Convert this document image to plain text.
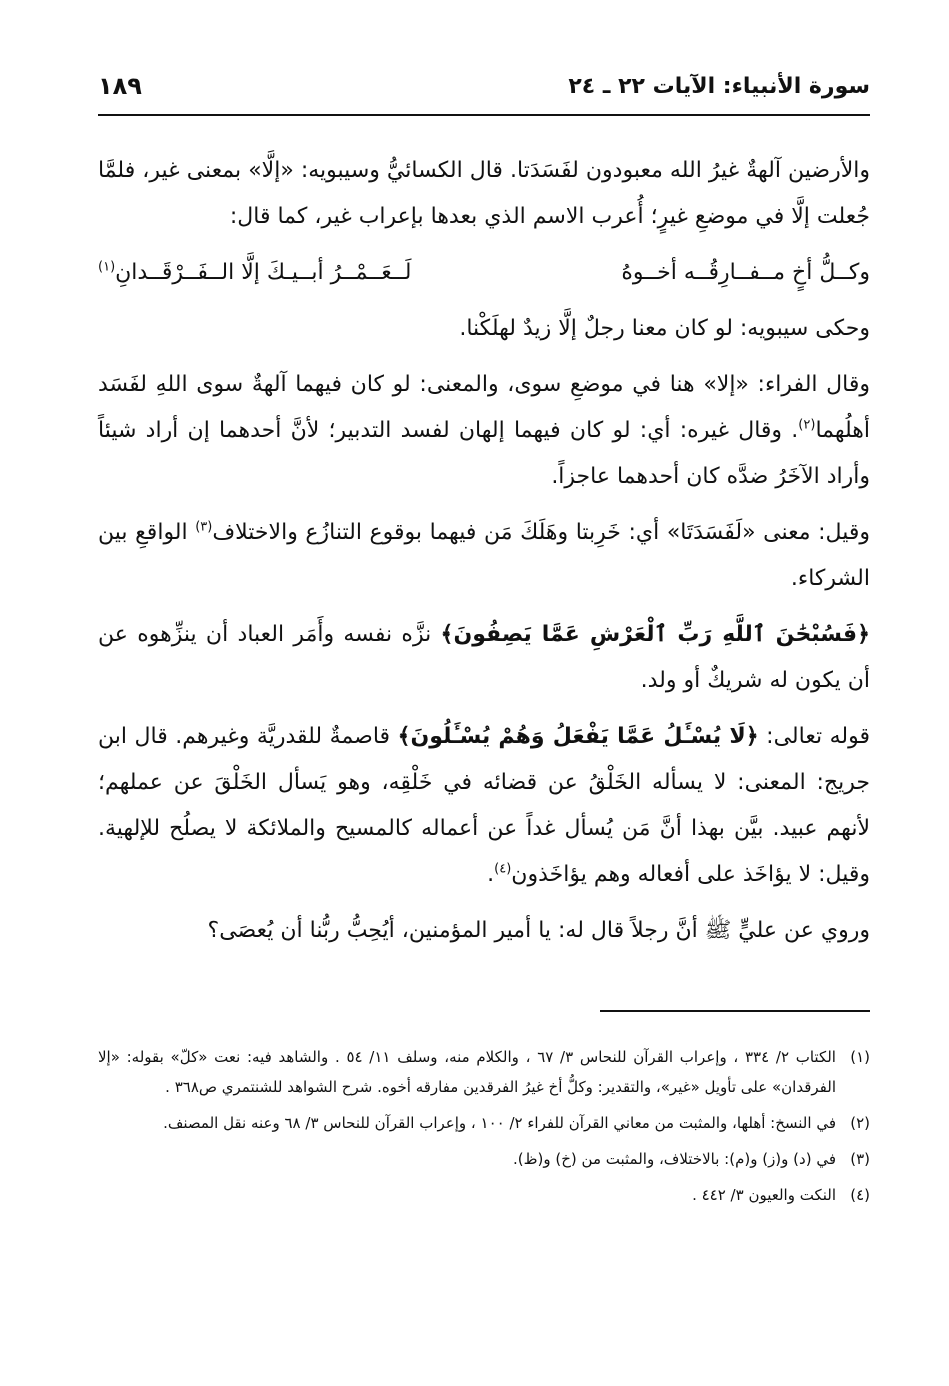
سورة الأنبياء: الآيات ٢٢ ـ ٢٤
١٨٩

والأرضين آلهةٌ غيرُ الله معبودون لفَسَدَتا. قال الكسائيُّ وسيبويه: «إلَّا» بمعنى غير، فلمَّا جُعلت إلَّا في موضعِ غيرٍ؛ أُعرب الاسم الذي بعدها بإعراب غير، كما قال:

وكــلُّ أخٍ مــفــارِقُــه أخــوهُ
لَــعَــمْــرُ أبــيـكَ إلَّا الــفَــرْقَــدانِ$^{(١)}$

وحكى سيبويه: لو كان معنا رجلٌ إلَّا زيدٌ لهلَكْنا.

وقال الفراء: «إلا» هنا في موضعِ سوى، والمعنى: لو كان فيهما آلهةٌ سوى اللهِ لفَسَد أهلُهما$^{(٢)}$. وقال غيره: أي: لو كان فيهما إلهان لفسد التدبير؛ لأنَّ أحدهما إن أراد شيئاً وأراد الآخَرُ ضدَّه كان أحدهما عاجزاً.

وقيل: معنى «لَفَسَدَتَا» أي: خَرِبتا وهَلَكَ مَن فيهما بوقوع التنازُع والاختلاف$^{(٣)}$ الواقعِ بين الشركاء.

﴿فَسُبْحَٰنَ ٱللَّهِ رَبِّ ٱلْعَرْشِ عَمَّا يَصِفُونَ﴾ نزَّه نفسه وأَمَر العباد أن ينزِّهوه عن أن يكون له شريكٌ أو ولد.

قوله تعالى: ﴿لَا يُسْـَٔلُ عَمَّا يَفْعَلُ وَهُمْ يُسْـَٔلُونَ﴾ قاصمةٌ للقدريَّة وغيرهم. قال ابن جريج: المعنى: لا يسأله الخَلْقُ عن قضائه في خَلْقِه، وهو يَسأل الخَلْقَ عن عملهم؛ لأنهم عبيد. بيَّن بهذا أنَّ مَن يُسأل غداً عن أعماله كالمسيح والملائكة لا يصلُح للإلهية. وقيل: لا يؤاخَذ على أفعاله وهم يؤاخَذون$^{(٤)}$.

وروي عن عليٍّ ﷺ أنَّ رجلاً قال له: يا أمير المؤمنين، أيُحِبُّ ربُّنا أن يُعصَى؟

(١)
الكتاب ٢/ ٣٣٤ ، وإعراب القرآن للنحاس ٣/ ٦٧ ، والكلام منه، وسلف ١١/ ٥٤ . والشاهد فيه: نعت «كلّ» بقوله: «إلا الفرقدان» على تأويل «غير»، والتقدير: وكلُّ أخ غيرُ الفرقدين مفارقه أخوه. شرح الشواهد للشنتمري ص٣٦٨ .

(٢)
في النسخ: أهلها، والمثبت من معاني القرآن للفراء ٢/ ١٠٠ ، وإعراب القرآن للنحاس ٣/ ٦٨ وعنه نقل المصنف.

(٣)
في (د) و(ز) و(م): بالاختلاف، والمثبت من (خ) و(ظ).

(٤)
النكت والعيون ٣/ ٤٤٢ .
